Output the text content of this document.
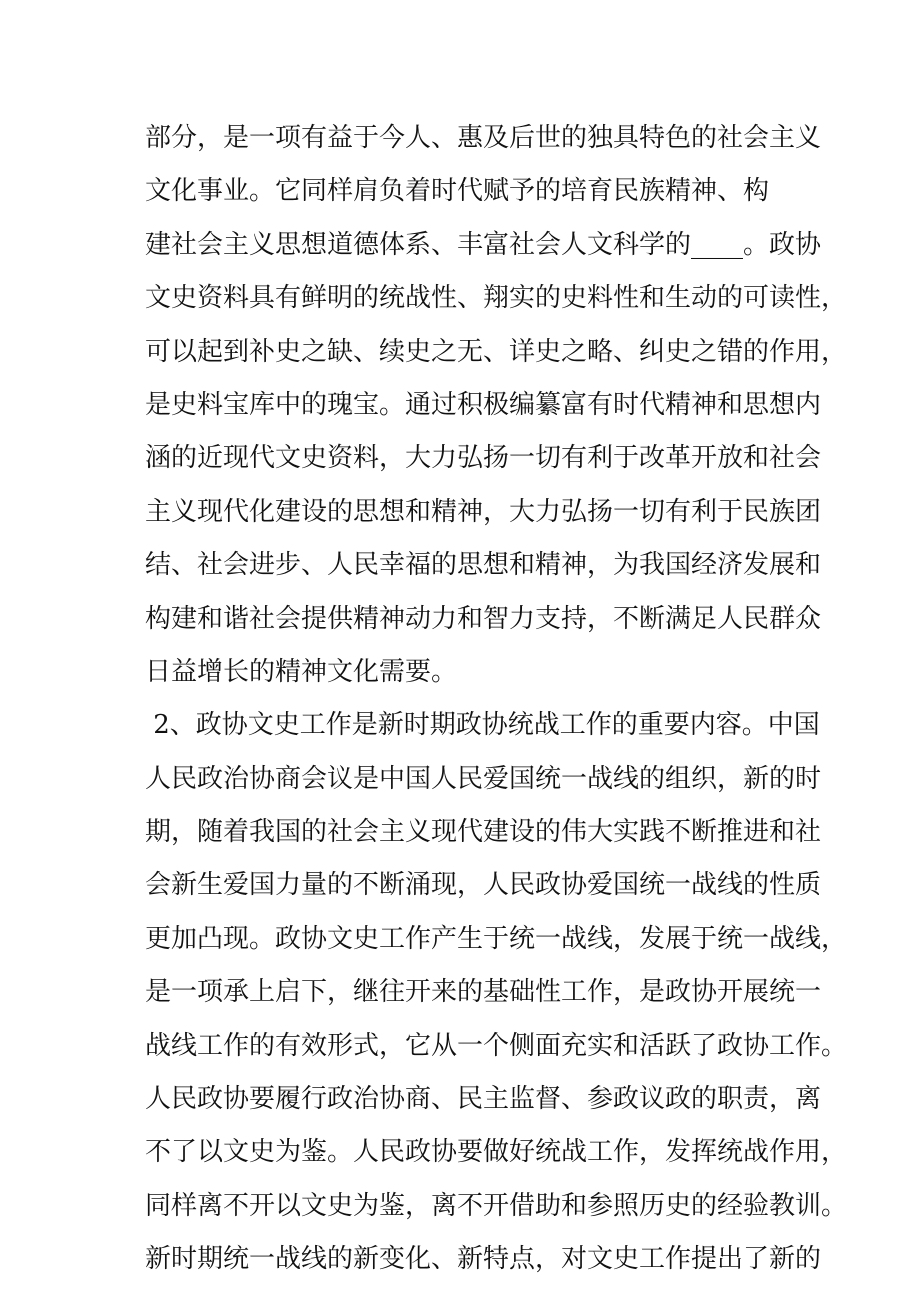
部分，是一项有益于今人、惠及后世的独具特色的社会主义
文化事业。它同样肩负着时代赋予的培育民族精神、构
建社会主义思想道德体系、丰富社会人文科学的____。政协
文史资料具有鲜明的统战性、翔实的史料性和生动的可读性，
可以起到补史之缺、续史之无、详史之略、纠史之错的作用，
是史料宝库中的瑰宝。通过积极编纂富有时代精神和思想内
涵的近现代文史资料，大力弘扬一切有利于改革开放和社会
主义现代化建设的思想和精神，大力弘扬一切有利于民族团
结、社会进步、人民幸福的思想和精神，为我国经济发展和
构建和谐社会提供精神动力和智力支持，不断满足人民群众
日益增长的精神文化需要。
2、政协文史工作是新时期政协统战工作的重要内容。中国
人民政治协商会议是中国人民爱国统一战线的组织，新的时
期，随着我国的社会主义现代建设的伟大实践不断推进和社
会新生爱国力量的不断涌现，人民政协爱国统一战线的性质
更加凸现。政协文史工作产生于统一战线，发展于统一战线，
是一项承上启下，继往开来的基础性工作，是政协开展统一
战线工作的有效形式，它从一个侧面充实和活跃了政协工作。
人民政协要履行政治协商、民主监督、参政议政的职责，离
不了以文史为鉴。人民政协要做好统战工作，发挥统战作用，
同样离不开以文史为鉴，离不开借助和参照历史的经验教训。
新时期统一战线的新变化、新特点，对文史工作提出了新的
